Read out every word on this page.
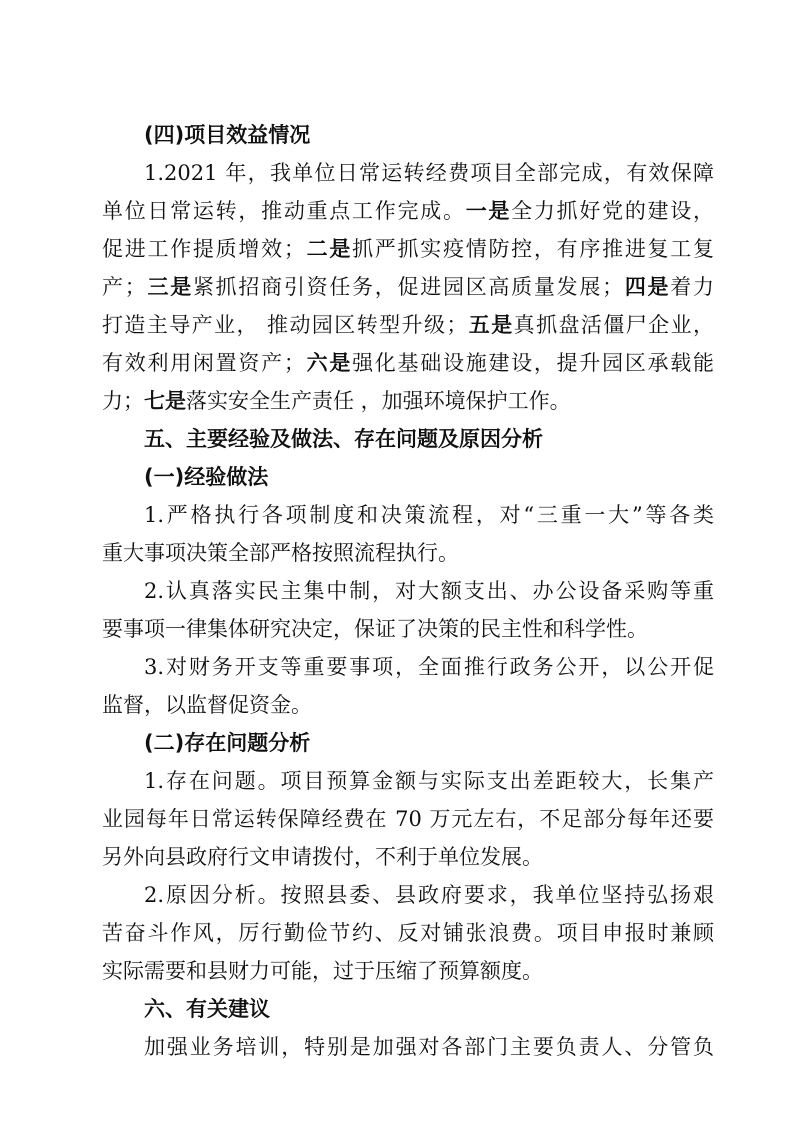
(四)项目效益情况
1.2021 年，我单位日常运转经费项目全部完成，有效保障
单位日常运转，推动重点工作完成。一是全力抓好党的建设，
促进工作提质增效；二是抓严抓实疫情防控，有序推进复工复
产；三是紧抓招商引资任务，促进园区高质量发展；四是着力
打造主导产业， 推动园区转型升级；五是真抓盘活僵尸企业，
有效利用闲置资产；六是强化基础设施建设，提升园区承载能
力；七是落实安全生产责任 ，加强环境保护工作。
五、主要经验及做法、存在问题及原因分析
(一)经验做法
1.严格执行各项制度和决策流程，对“三重一大”等各类
重大事项决策全部严格按照流程执行。
2.认真落实民主集中制，对大额支出、办公设备采购等重
要事项一律集体研究决定，保证了决策的民主性和科学性。
3.对财务开支等重要事项，全面推行政务公开，以公开促
监督，以监督促资金。
(二)存在问题分析
1.存在问题。项目预算金额与实际支出差距较大，长集产
业园每年日常运转保障经费在 70 万元左右，不足部分每年还要
另外向县政府行文申请拨付，不利于单位发展。
2.原因分析。按照县委、县政府要求，我单位坚持弘扬艰
苦奋斗作风，厉行勤俭节约、反对铺张浪费。项目申报时兼顾
实际需要和县财力可能，过于压缩了预算额度。
六、有关建议
加强业务培训，特别是加强对各部门主要负责人、分管负
